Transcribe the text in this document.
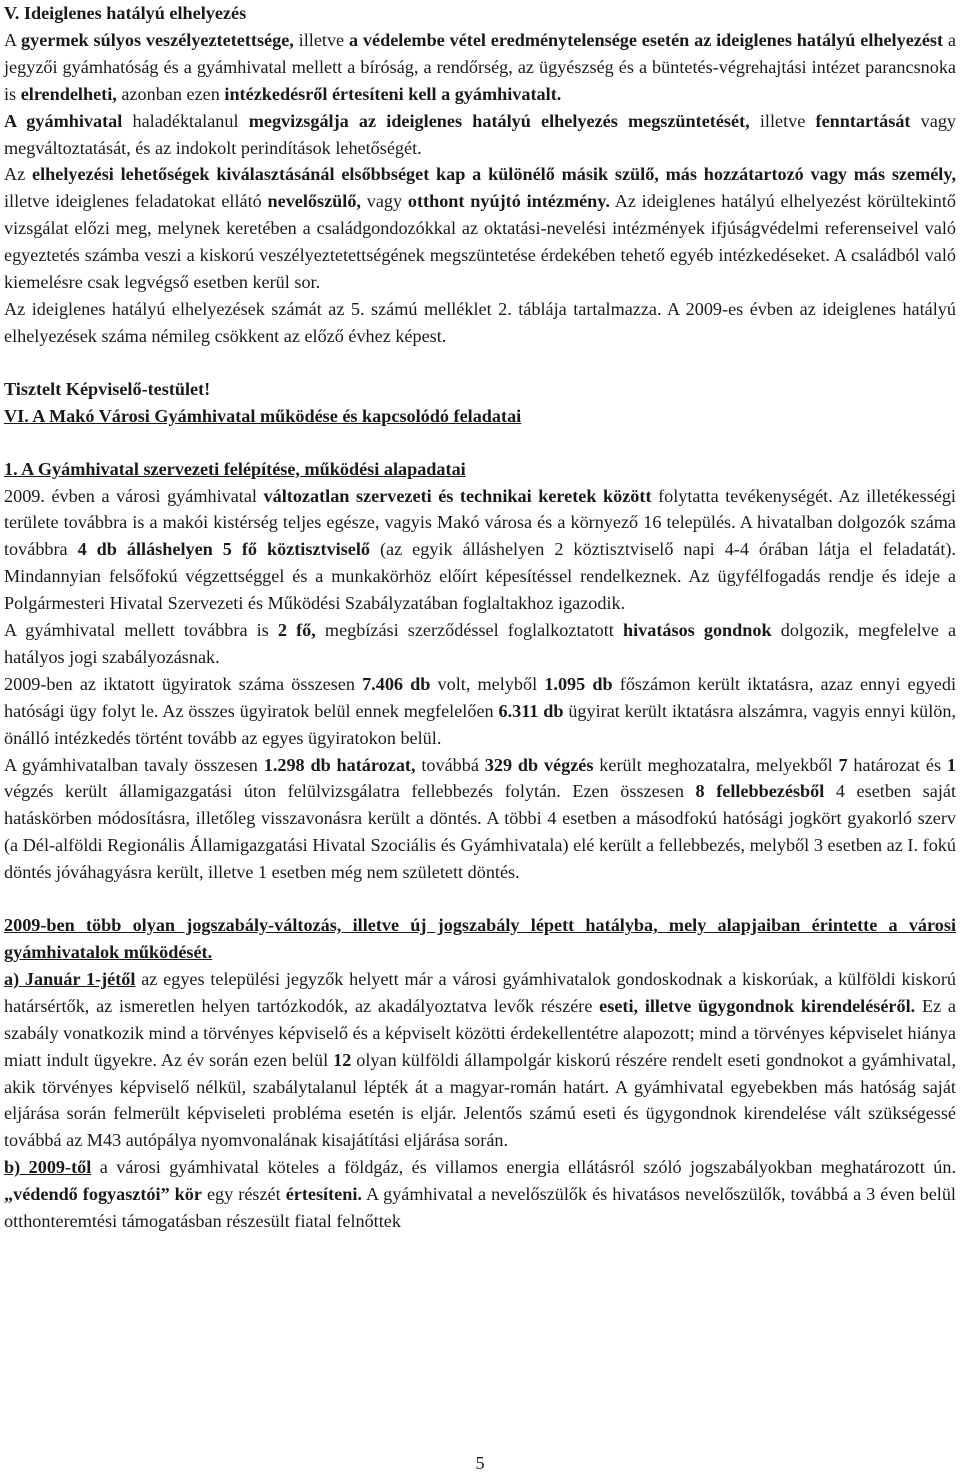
V. Ideiglenes hatályú elhelyezés

A gyermek súlyos veszélyeztetettsége, illetve a védelembe vétel eredménytelensége esetén az ideiglenes hatályú elhelyezést a jegyzői gyámhatóság és a gyámhivatal mellett a bíróság, a rendőrség, az ügyészség és a büntetés-végrehajtási intézet parancsnoka is elrendelheti, azonban ezen intézkedésről értesíteni kell a gyámhivatalt.

A gyámhivatal haladéktalanul megvizsgálja az ideiglenes hatályú elhelyezés megszüntetését, illetve fenntartását vagy megváltoztatását, és az indokolt perindítások lehetőségét.

Az elhelyezési lehetőségek kiválasztásánál elsőbbséget kap a különélő másik szülő, más hozzátartozó vagy más személy, illetve ideiglenes feladatokat ellátó nevelőszülő, vagy otthont nyújtó intézmény. Az ideiglenes hatályú elhelyezést körültekintő vizsgálat előzi meg, melynek keretében a családgondozókkal az oktatási-nevelési intézmények ifjúságvédelmi referenseivel való egyeztetés számba veszi a kiskorú veszélyeztetettségének megszüntetése érdekében tehető egyéb intézkedéseket. A családból való kiemelésre csak legvégső esetben kerül sor.

Az ideiglenes hatályú elhelyezések számát az 5. számú melléklet 2. táblája tartalmazza. A 2009-es évben az ideiglenes hatályú elhelyezések száma némileg csökkent az előző évhez képest.

Tisztelt Képviselő-testület!

VI. A Makó Városi Gyámhivatal működése és kapcsolódó feladatai

1. A Gyámhivatal szervezeti felépítése, működési alapadatai

2009. évben a városi gyámhivatal változatlan szervezeti és technikai keretek között folytatta tevékenységét. Az illetékességi területe továbbra is a makói kistérség teljes egésze, vagyis Makó városa és a környező 16 település. A hivatalban dolgozók száma továbbra 4 db álláshelyen 5 fő köztisztviselő (az egyik álláshelyen 2 köztisztviselő napi 4-4 órában látja el feladatát). Mindannyian felsőfokú végzettséggel és a munkakörhöz előírt képesítéssel rendelkeznek. Az ügyfélfogadás rendje és ideje a Polgármesteri Hivatal Szervezeti és Működési Szabályzatában foglaltakhoz igazodik.

A gyámhivatal mellett továbbra is 2 fő, megbízási szerződéssel foglalkoztatott hivatásos gondnok dolgozik, megfelelve a hatályos jogi szabályozásnak.

2009-ben az iktatott ügyiratok száma összesen 7.406 db volt, melyből 1.095 db főszámon került iktatásra, azaz ennyi egyedi hatósági ügy folyt le. Az összes ügyiratok belül ennek megfelelően 6.311 db ügyirat került iktatásra alszámra, vagyis ennyi külön, önálló intézkedés történt tovább az egyes ügyiratokon belül.

A gyámhivatalban tavaly összesen 1.298 db határozat, továbbá 329 db végzés került meghozatalra, melyekből 7 határozat és 1 végzés került államigazgatási úton felülvizsgálatra fellebbezés folytán. Ezen összesen 8 fellebbezésből 4 esetben saját hatáskörben módosításra, illetőleg visszavonásra került a döntés. A többi 4 esetben a másodfokú hatósági jogkört gyakorló szerv (a Dél-alföldi Regionális Államigazgatási Hivatal Szociális és Gyámhivatala) elé került a fellebbezés, melyből 3 esetben az I. fokú döntés jóváhagyásra került, illetve 1 esetben még nem született döntés.

2009-ben több olyan jogszabály-változás, illetve új jogszabály lépett hatályba, mely alapjaiban érintette a városi gyámhivatalok működését.

a) Január 1-jétől az egyes települési jegyzők helyett már a városi gyámhivatalok gondoskodnak a kiskorúak, a külföldi kiskorú határsértők, az ismeretlen helyen tartózkodók, az akadályoztatva levők részére eseti, illetve ügygondnok kirendeléséről. Ez a szabály vonatkozik mind a törvényes képviselő és a képviselt közötti érdekellentétre alapozott; mind a törvényes képviselet hiánya miatt indult ügyekre. Az év során ezen belül 12 olyan külföldi állampolgár kiskorú részére rendelt eseti gondnokot a gyámhivatal, akik törvényes képviselő nélkül, szabálytalanul lépték át a magyar-román határt. A gyámhivatal egyebekben más hatóság saját eljárása során felmerült képviseleti probléma esetén is eljár. Jelentős számú eseti és ügygondnok kirendelése vált szükségessé továbbá az M43 autópálya nyomvonalának kisajátítási eljárása során.

b) 2009-től a városi gyámhivatal köteles a földgáz, és villamos energia ellátásról szóló jogszabályokban meghatározott ún. „védendő fogyasztói” kör egy részét értesíteni. A gyámhivatal a nevelőszülők és hivatásos nevelőszülők, továbbá a 3 éven belül otthonteremtési támogatásban részesült fiatal felnőttek

5
